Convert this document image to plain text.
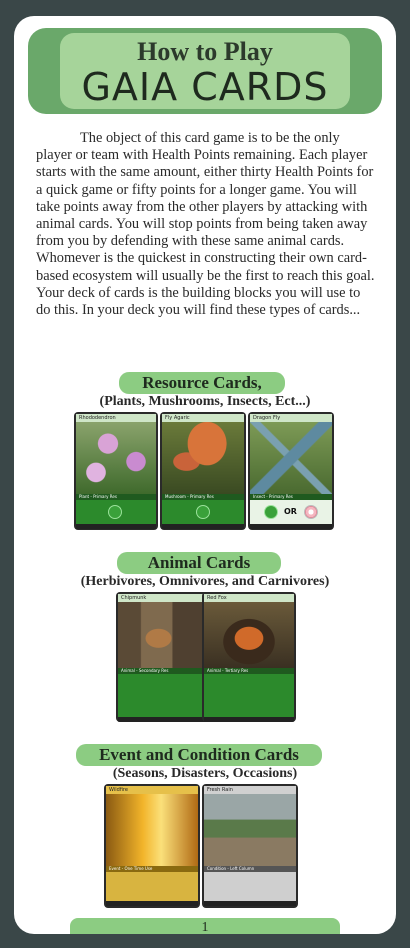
How to Play
GAIA CARDS
The object of this card game is to be the only player or team with Health Points remaining. Each player starts with the same amount, either thirty Health Points for a quick game or fifty points for a longer game. You will take points away from the other players by attacking with animal cards. You will stop points from being taken away from you by defending with these same animal cards. Whomever is the quickest in constructing their own card-based ecosystem will usually be the first to reach this goal. Your deck of cards is the building blocks you will use to do this. In your deck you will find these types of cards...
Resource Cards,
(Plants, Mushrooms, Insects, Ect...)
Rhododendron
Plant - Primary Res
Fly Agaric
Mushroom - Primary Res
Dragon Fly
Insect - Primary Res
OR
Animal Cards
(Herbivores, Omnivores, and Carnivores)
Chipmunk
Animal - Secondary Res
Red Fox
Animal - Tertiary Res
Event and Condition Cards
(Seasons, Disasters, Occasions)
Wildfire
Event - One Time Use
Fresh Rain
Condition - Left Column
1
